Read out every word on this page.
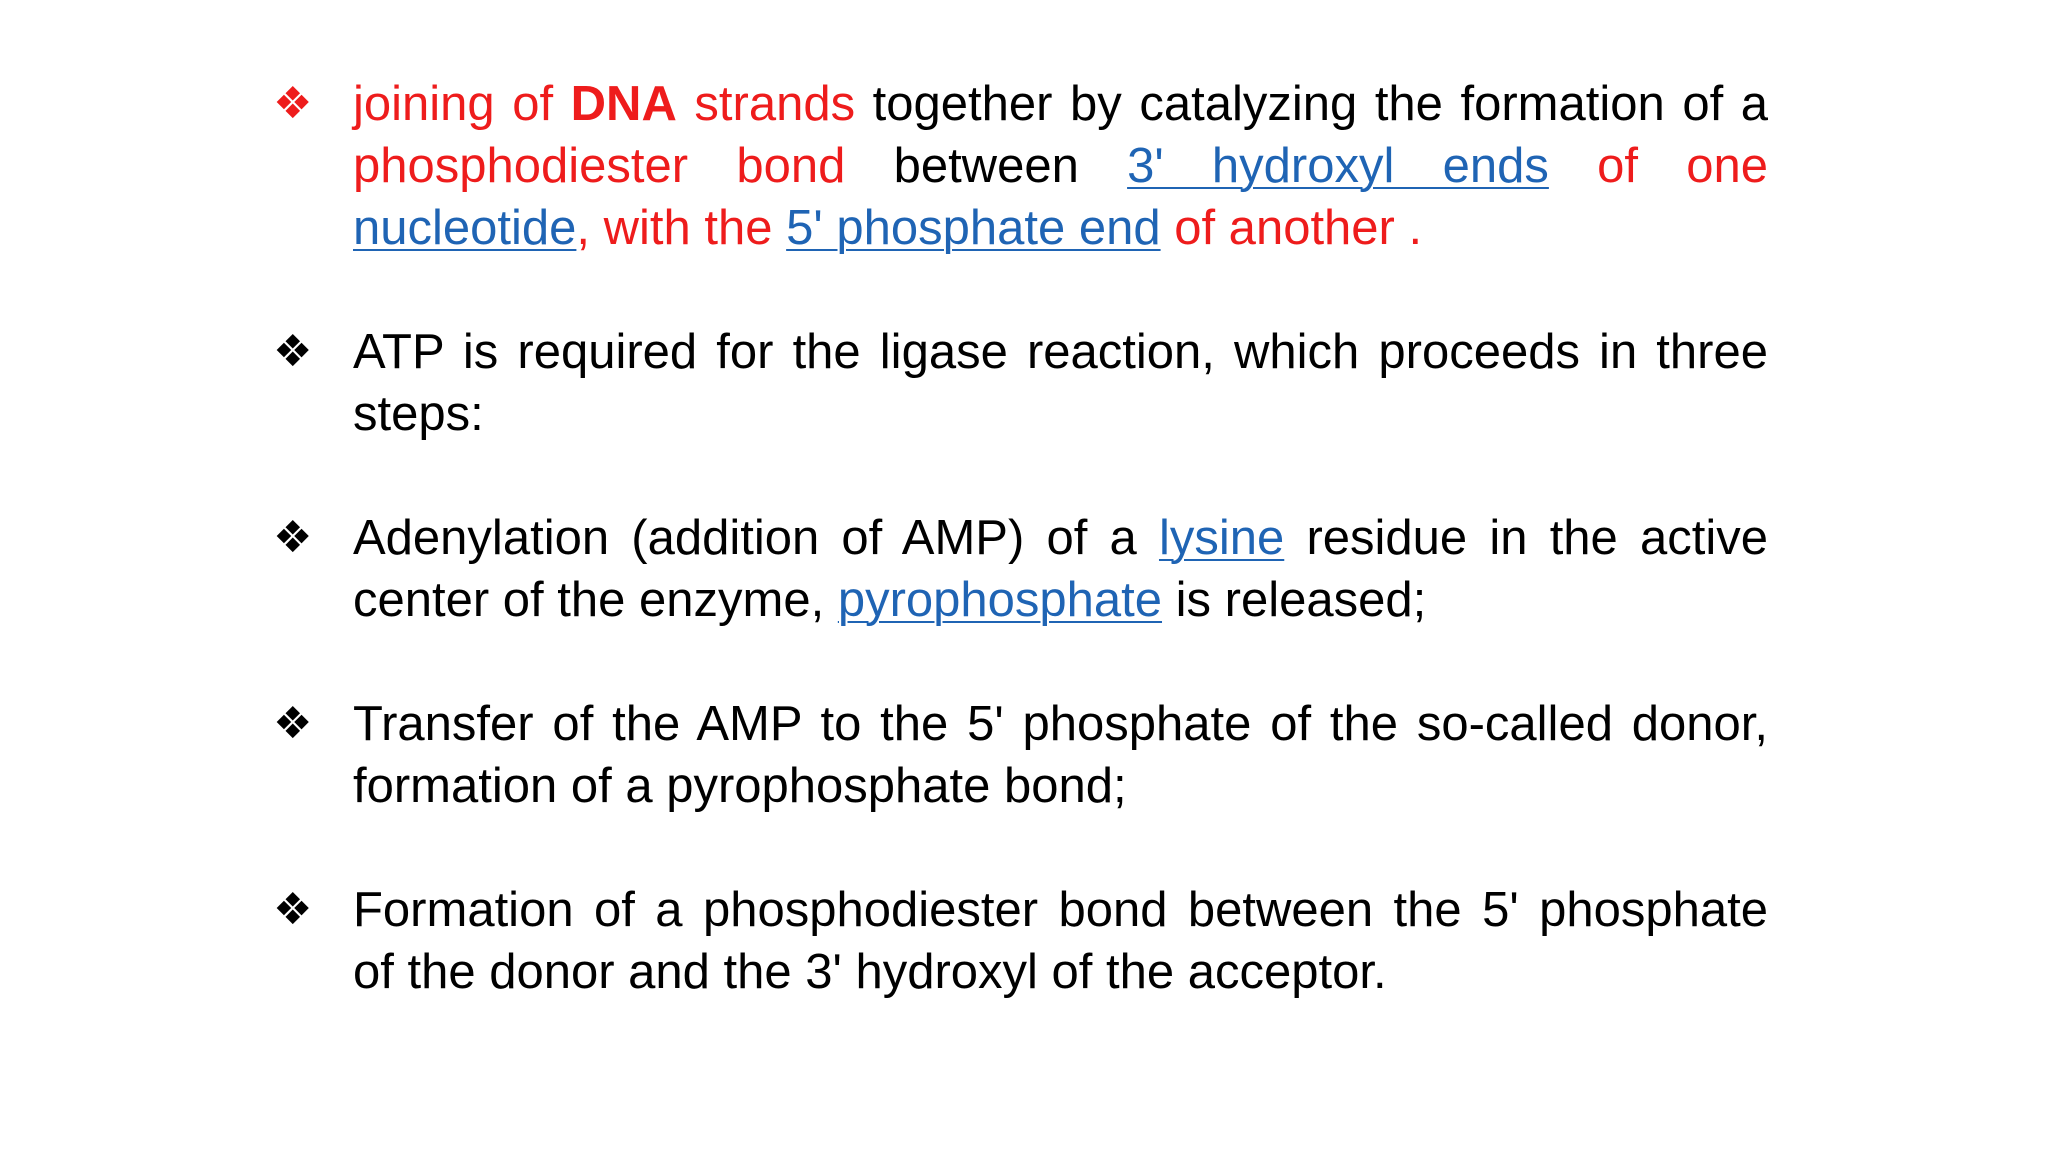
❖ joining of DNA strands together by catalyzing the formation of a phosphodiester bond between 3' hydroxyl ends of one nucleotide, with the 5' phosphate end of another .
❖ ATP is required for the ligase reaction, which proceeds in three steps:
❖ Adenylation (addition of AMP) of a lysine residue in the active center of the enzyme, pyrophosphate is released;
❖ Transfer of the AMP to the 5' phosphate of the so-called donor, formation of a pyrophosphate bond;
❖ Formation of a phosphodiester bond between the 5' phosphate of the donor and the 3' hydroxyl of the acceptor.
